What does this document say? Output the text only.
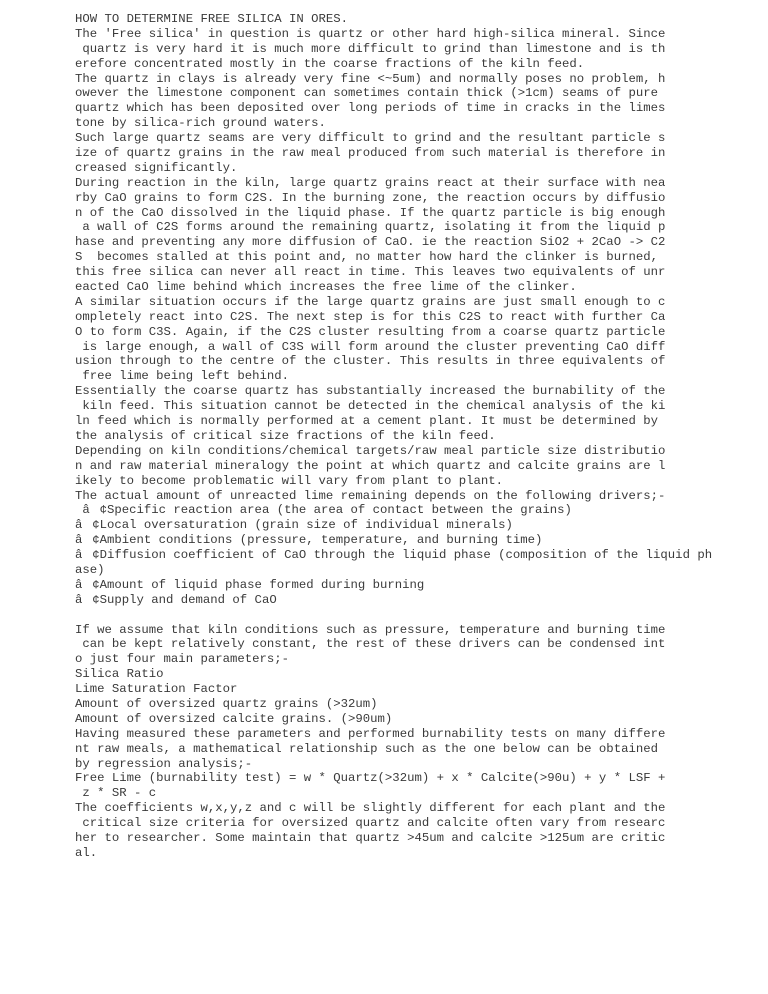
HOW TO DETERMINE FREE SILICA IN ORES.
The 'Free silica' in question is quartz or other hard high-silica mineral. Since
quartz is very hard it is much more difficult to grind than limestone and is th
erefore concentrated mostly in the coarse fractions of the kiln feed.
The quartz in clays is already very fine <~5um) and normally poses no problem, h
owever the limestone component can sometimes contain thick (>1cm) seams of pure
quartz which has been deposited over long periods of time in cracks in the limes
tone by silica-rich ground waters.
Such large quartz seams are very difficult to grind and the resultant particle s
ize of quartz grains in the raw meal produced from such material is therefore in
creased significantly.
During reaction in the kiln, large quartz grains react at their surface with nea
rby CaO grains to form C2S. In the burning zone, the reaction occurs by diffusio
n of the CaO dissolved in the liquid phase. If the quartz particle is big enough
a wall of C2S forms around the remaining quartz, isolating it from the liquid p
hase and preventing any more diffusion of CaO. ie the reaction SiO2 + 2CaO -> C2
S  becomes stalled at this point and, no matter how hard the clinker is burned,
this free silica can never all react in time. This leaves two equivalents of unr
eacted CaO lime behind which increases the free lime of the clinker.
A similar situation occurs if the large quartz grains are just small enough to c
ompletely react into C2S. The next step is for this C2S to react with further Ca
O to form C3S. Again, if the C2S cluster resulting from a coarse quartz particle
is large enough, a wall of C3S will form around the cluster preventing CaO diff
usion through to the centre of the cluster. This results in three equivalents of
free lime being left behind.
Essentially the coarse quartz has substantially increased the burnability of the
kiln feed. This situation cannot be detected in the chemical analysis of the ki
ln feed which is normally performed at a cement plant. It must be determined by
the analysis of critical size fractions of the kiln feed.
Depending on kiln conditions/chemical targets/raw meal particle size distributio
n and raw material mineralogy the point at which quartz and calcite grains are l
ikely to become problematic will vary from plant to plant.
The actual amount of unreacted lime remaining depends on the following drivers;-
â¢Specific reaction area (the area of contact between the grains)
â¢Local oversaturation (grain size of individual minerals)
â¢Ambient conditions (pressure, temperature, and burning time)
â¢Diffusion coefficient of CaO through the liquid phase (composition of the liquid ph
ase)
â¢Amount of liquid phase formed during burning
â¢Supply and demand of CaO

If we assume that kiln conditions such as pressure, temperature and burning time
can be kept relatively constant, the rest of these drivers can be condensed int
o just four main parameters;-
Silica Ratio
Lime Saturation Factor
Amount of oversized quartz grains (>32um)
Amount of oversized calcite grains. (>90um)
Having measured these parameters and performed burnability tests on many differe
nt raw meals, a mathematical relationship such as the one below can be obtained
by regression analysis;-
Free Lime (burnability test) = w * Quartz(>32um) + x * Calcite(>90u) + y * LSF +
z * SR - c
The coefficients w,x,y,z and c will be slightly different for each plant and the
critical size criteria for oversized quartz and calcite often vary from researc
her to researcher. Some maintain that quartz >45um and calcite >125um are critic
al.
